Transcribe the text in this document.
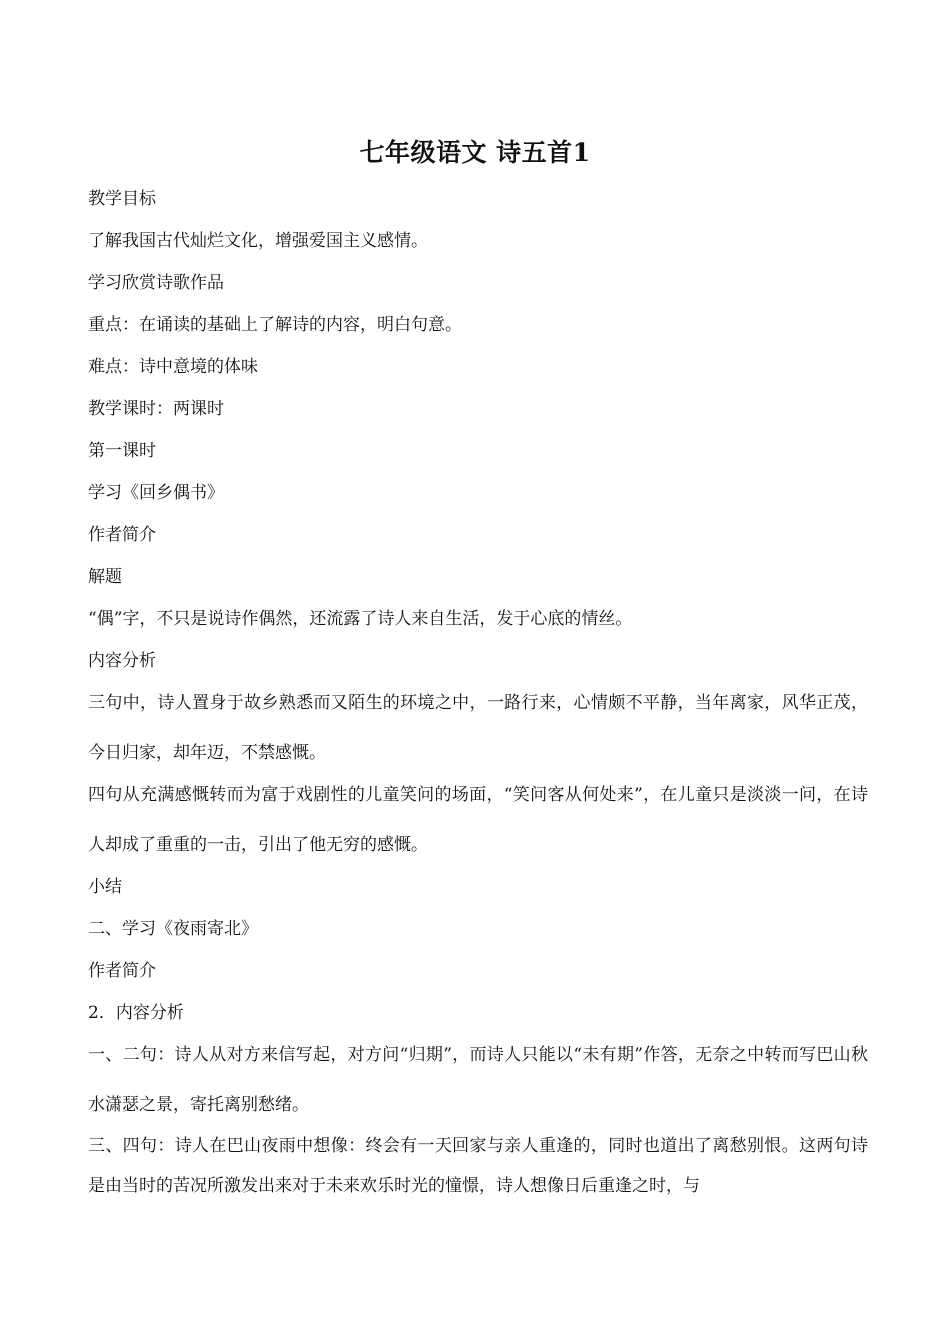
七年级语文 诗五首1

教学目标

了解我国古代灿烂文化，增强爱国主义感情。

学习欣赏诗歌作品

重点：在诵读的基础上了解诗的内容，明白句意。

难点：诗中意境的体味

教学课时：两课时

第一课时

学习《回乡偶书》

作者简介

解题

“偶”字，不只是说诗作偶然，还流露了诗人来自生活，发于心底的情丝。

内容分析

三句中，诗人置身于故乡熟悉而又陌生的环境之中，一路行来，心情颇不平静，当年离家，风华正茂，今日归家，却年迈，不禁感慨。

四句从充满感慨转而为富于戏剧性的儿童笑问的场面，“笑问客从何处来”，在儿童只是淡淡一问，在诗人却成了重重的一击，引出了他无穷的感慨。

小结

二、学习《夜雨寄北》

作者简介

2．内容分析

一、二句：诗人从对方来信写起，对方问“归期”，而诗人只能以“未有期”作答，无奈之中转而写巴山秋水潇瑟之景，寄托离别愁绪。

三、四句：诗人在巴山夜雨中想像：终会有一天回家与亲人重逢的，同时也道出了离愁别恨。这两句诗是由当时的苦况所激发出来对于未来欢乐时光的憧憬，诗人想像日后重逢之时，与
